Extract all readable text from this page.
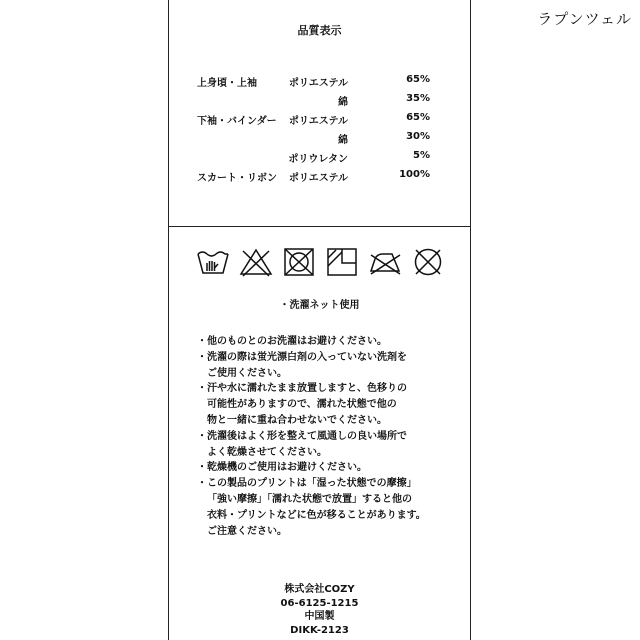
ラプンツェル
品質表示
上身頃・上袖	ポリエステル	65%
綿	35%
下袖・バインダー ポリエステル	65%
綿	30%
ポリウレタン	5%
スカート・リボン ポリエステル	100%
・洗濯ネット使用
・ 他のものとのお洗濯はお避けください。
・ 洗濯の際は蛍光漂白剤の入っていない洗剤を
ご使用ください。
・ 汗や水に濡れたまま放置しますと、色移りの
可能性がありますので、濡れた状態で他の
物と一緒に重ね合わせないでください。
・ 洗濯後はよく形を整えて風通しの良い場所で
よく乾燥させてください。
・ 乾燥機のご使用はお避けください。
・ この製品のプリントは「湿った状態での摩擦」
「強い摩擦」「濡れた状態で放置」すると他の
衣料・プリントなどに色が移ることがあります。
ご注意ください。
株式会社COZY
06-6125-1215
中国製
DIKK-2123
